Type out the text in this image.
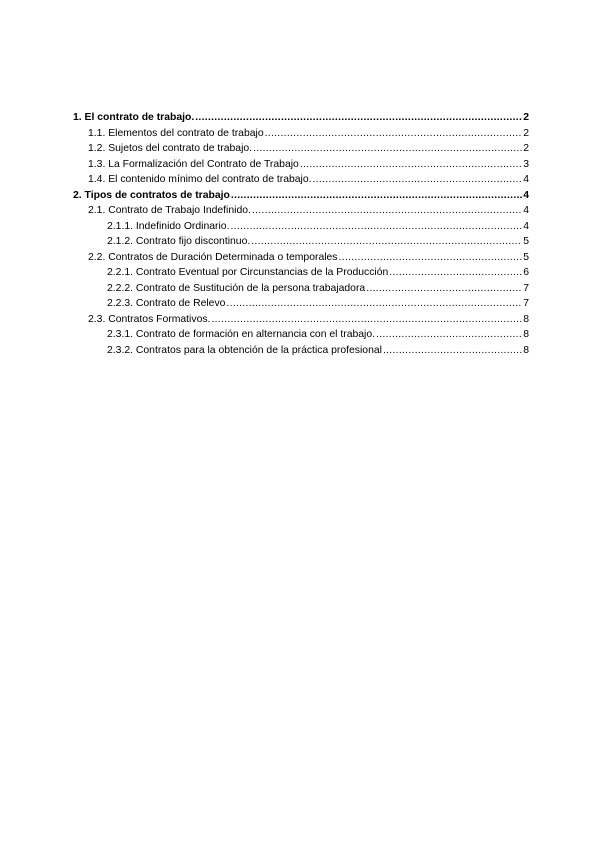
1. El contrato de trabajo. . . .	2
1.1. Elementos del contrato de trabajo . . .	2
1.2. Sujetos del contrato de trabajo. . . .	2
1.3. La Formalización del Contrato de Trabajo . . .	3
1.4. El contenido mínimo del contrato de trabajo. . . .	4
2. Tipos de contratos de trabajo . . .	4
2.1. Contrato de Trabajo Indefinido. . . .	4
2.1.1. Indefinido Ordinario. . . .	4
2.1.2. Contrato fijo discontinuo. . . .	5
2.2. Contratos de Duración Determinada o temporales . . .	5
2.2.1. Contrato Eventual por Circunstancias de la Producción . . .	6
2.2.2. Contrato de Sustitución de la persona trabajadora . . .	7
2.2.3. Contrato de Relevo . . .	7
2.3. Contratos Formativos. . . .	8
2.3.1. Contrato de formación en alternancia con el trabajo. . . .	8
2.3.2. Contratos para la obtención de la práctica profesional . . .	8
